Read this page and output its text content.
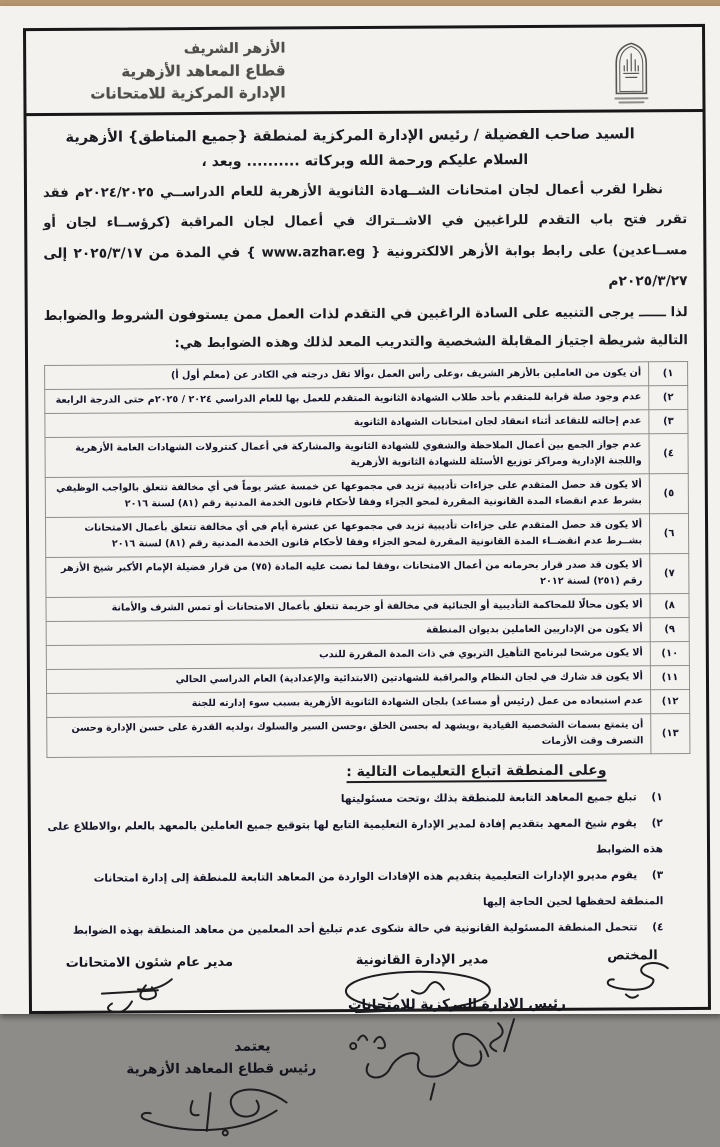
الأزهر الشريف
قطاع المعاهد الأزهرية
الإدارة المركزية للامتحانات
السيد صاحب الفضيلة / رئيس الإدارة المركزية لمنطقة {جميع المناطق} الأزهرية
السلام عليكم ورحمة الله وبركاته .......... وبعد ،

نظرا لقرب أعمال لجان امتحانات الشــهادة الثانوية الأزهرية للعام الدراســي ٢٠٢٤/٢٠٢٥م فقد تقرر فتح باب التقدم للراغبين في الاشــتراك في أعمال لجان المراقبة (كرؤســاء لجان أو مســاعدين) على رابط بوابة الأزهر الالكترونية { www.azhar.eg } في المدة من ٢٠٢٥/٣/١٧ إلى ٢٠٢٥/٣/٢٧م

لذا ــــــ يرجى التنبيه على السادة الراغبين في التقدم لذات العمل ممن يستوفون الشروط والضوابط التالية شريطة اجتياز المقابلة الشخصية والتدريب المعد لذلك وهذه الضوابط هي:

١)	أن يكون من العاملين بالأزهر الشريف ،وعلى رأس العمل ،وألا تقل درجته في الكادر عن (معلم أول أ)
٢)	عدم وجود صلة قرابة للمتقدم بأحد طلاب الشهادة الثانوية المتقدم للعمل بها للعام الدراسي ٢٠٢٤ / ٢٠٢٥م حتى الدرجة الرابعة
٣)	عدم إحالته للتقاعد أثناء انعقاد لجان امتحانات الشهادة الثانوية
٤)	عدم جواز الجمع بين أعمال الملاحظة والشفوي للشهادة الثانوية والمشاركة في أعمال كنترولات الشهادات العامة الأزهرية واللجنة الإدارية ومراكز توزيع الأسئلة للشهادة الثانوية الأزهرية
٥)	ألا يكون قد حصل المتقدم على جزاءات تأديبية تزيد في مجموعها عن خمسة عشر يوماً في أي مخالفة تتعلق بالواجب الوظيفي بشرط عدم انقضاء المدة القانونية المقررة لمحو الجزاء وفقا لأحكام قانون الخدمة المدنية رقم (٨١) لسنة ٢٠١٦
٦)	ألا يكون قد حصل المتقدم على جزاءات تأديبية تزيد في مجموعها عن عشرة أيام في أي مخالفة تتعلق بأعمال الامتحانات بشــرط عدم انقضــاء المدة القانونية المقررة لمحو الجزاء وفقا لأحكام قانون الخدمة المدنية رقم (٨١) لسنة ٢٠١٦
٧)	ألا يكون قد صدر قرار بحرمانه من أعمال الامتحانات ،وفقا لما نصت عليه المادة (٧٥) من قرار فضيلة الإمام الأكبر شيخ الأزهر رقم (٢٥١) لسنة ٢٠١٢
٨)	ألا يكون محالًا للمحاكمة التأديبية أو الجنائية في مخالفة أو جريمة تتعلق بأعمال الامتحانات أو تمس الشرف والأمانة
٩)	ألا يكون من الإداريين العاملين بديوان المنطقة
١٠)	ألا يكون مرشحا لبرنامج التأهيل التربوي في ذات المدة المقررة للندب
١١)	ألا يكون قد شارك في لجان النظام والمراقبة للشهادتين (الابتدائية والإعدادية) العام الدراسي الحالي
١٢)	عدم استبعاده من عمل (رئيس أو مساعد) بلجان الشهادة الثانوية الأزهرية بسبب سوء إدارته للجنة
١٣)	أن يتمتع بسمات الشخصية القيادية ،ويشهد له بحسن الخلق ،وحسن السير والسلوك ،ولديه القدرة على حسن الإدارة وحسن التصرف وقت الأزمات
وعلى المنطقة اتباع التعليمات التالية :
١)تبلغ جميع المعاهد التابعة للمنطقة بذلك ،وتحت مسئوليتها
٢)يقوم شيخ المعهد بتقديم إفادة لمدير الإدارة التعليمية التابع لها بتوقيع جميع العاملين بالمعهد بالعلم ،والاطلاع على هذه الضوابط
٣)يقوم مديرو الإدارات التعليمية بتقديم هذه الإفادات الواردة من المعاهد التابعة للمنطقة إلى إدارة امتحانات المنطقة لحفظها لحين الحاجة إليها
٤)تتحمل المنطقة المسئولية القانونية في حالة شكوى عدم تبليغ أحد المعلمين من معاهد المنطقة بهذه الضوابط
المختص
مدير الإدارة القانونية
مدير عام شئون الامتحانات
رئيس الإدارة المركزية للامتحانات
يعتمد
رئيس قطاع المعاهد الأزهرية
